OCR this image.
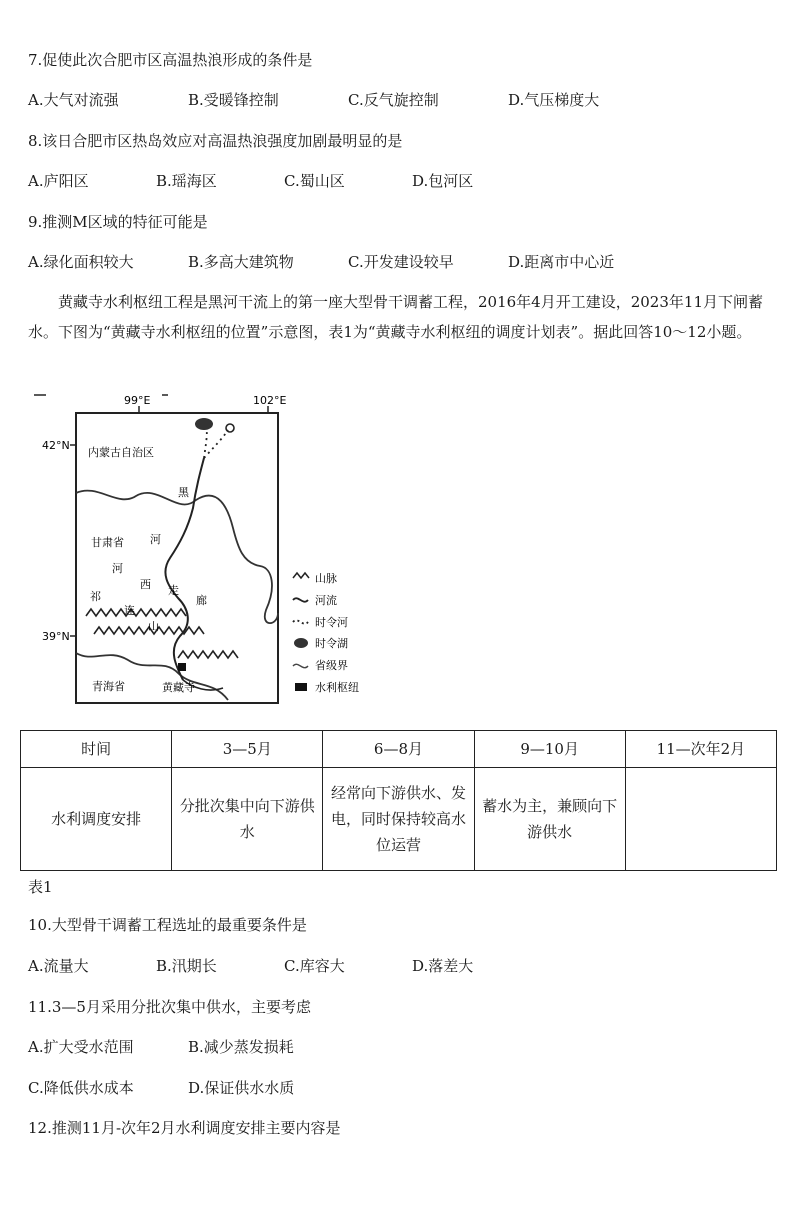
7.促使此次合肥市区高温热浪形成的条件是
A.大气对流强	B.受暖锋控制	C.反气旋控制	D.气压梯度大
8.该日合肥市区热岛效应对高温热浪强度加剧最明显的是
A.庐阳区	B.瑶海区	C.蜀山区	D.包河区
9.推测M区域的特征可能是
A.绿化面积较大	B.多高大建筑物	C.开发建设较早	D.距离市中心近
黄藏寺水利枢纽工程是黑河干流上的第一座大型骨干调蓄工程，2016年4月开工建设，2023年11月下闸蓄水。下图为“黄藏寺水利枢纽的位置”示意图，表1为“黄藏寺水利枢纽的调度计划表”。据此回答10～12小题。
99°E	102°E
42°N
39°N
内蒙古自治区
甘肃省
青海省
黑
河
河
西 走
廊
祁
连
山
黄藏寺
山脉
河流
时令河
时令湖
省级界
水利枢纽
时间	3—5月	6—8月	9—10月	11—次年2月
水利调度安排	分批次集中向下游供水	经常向下游供水、发电，同时保持较高水位运营	蓄水为主，兼顾向下游供水	
表1
10.大型骨干调蓄工程选址的最重要条件是
A.流量大	B.汛期长	C.库容大	D.落差大
11.3—5月采用分批次集中供水，主要考虑
A.扩大受水范围	B.减少蒸发损耗
C.降低供水成本	D.保证供水水质
12.推测11月-次年2月水利调度安排主要内容是
